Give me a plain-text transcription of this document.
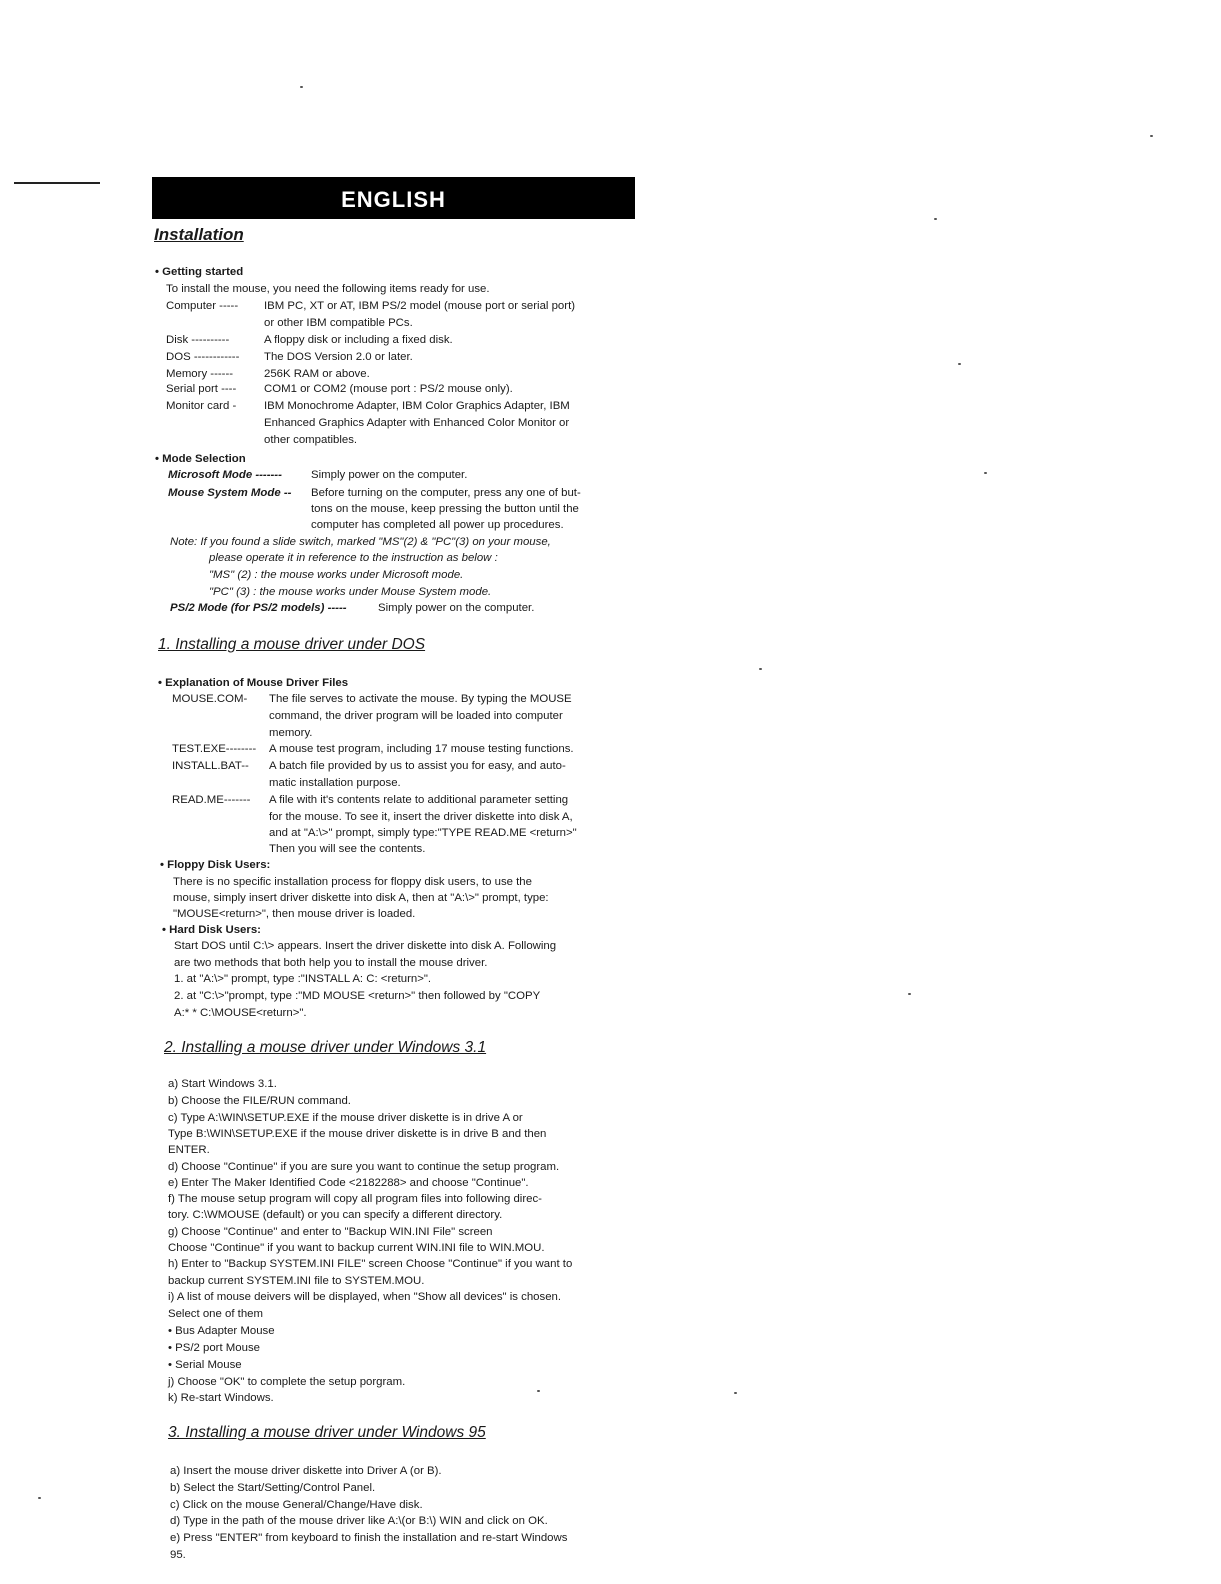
ENGLISH
Installation
• Getting started
To install the mouse, you need the following items ready for use.
Computer ----- IBM PC, XT or AT, IBM PS/2 model (mouse port or serial port)
or other IBM compatible PCs.
Disk ----------	A floppy disk or including a fixed disk.
DOS ------------ The DOS Version 2.0 or later.
Memory ------	256K RAM or above.
Serial port ---- COM1 or COM2 (mouse port : PS/2 mouse only).
Monitor card - IBM Monochrome Adapter, IBM Color Graphics Adapter, IBM
Enhanced Graphics Adapter with Enhanced Color Monitor or
other compatibles.
• Mode Selection
Microsoft Mode -------	Simply power on the computer.
Mouse System Mode -- Before turning on the computer, press any one of but-
tons on the mouse, keep pressing the button until the
computer has completed all power up procedures.
Note: If you found a slide switch, marked "MS"(2) & "PC"(3) on your mouse,
please operate it in reference to the instruction as below :
"MS" (2) : the mouse works under Microsoft mode.
"PC" (3) : the mouse works under Mouse System mode.
PS/2 Mode (for PS/2 models) -----	Simply power on the computer.
1. Installing a mouse driver under DOS
• Explanation of Mouse Driver Files
MOUSE.COM- The file serves to activate the mouse. By typing the MOUSE
command, the driver program will be loaded into computer
memory.
TEST.EXE-------- A mouse test program, including 17 mouse testing functions.
INSTALL.BAT-- A batch file provided by us to assist you for easy, and auto-
matic installation purpose.
READ.ME------- A file with it's contents relate to additional parameter setting
for the mouse. To see it, insert the driver diskette into disk A,
and at "A:\>" prompt, simply type:"TYPE READ.ME <return>"
Then you will see the contents.
• Floppy Disk Users:
There is no specific installation process for floppy disk users, to use the
mouse, simply insert driver diskette into disk A, then at "A:\>" prompt, type:
"MOUSE<return>", then mouse driver is loaded.
• Hard Disk Users:
Start DOS until C:\> appears. Insert the driver diskette into disk A. Following
are two methods that both help you to install the mouse driver.
1. at "A:\>" prompt, type :"INSTALL A: C: <return>".
2. at "C:\>"prompt, type :"MD MOUSE <return>" then followed by "COPY
A:* * C:\MOUSE<return>".
2. Installing a mouse driver under Windows 3.1
a) Start Windows 3.1.
b) Choose the FILE/RUN command.
c) Type A:\WIN\SETUP.EXE if the mouse driver diskette is in drive A or
Type B:\WIN\SETUP.EXE if the mouse driver diskette is in drive B and then
ENTER.
d) Choose "Continue" if you are sure you want to continue the setup program.
e) Enter The Maker Identified Code <2182288> and choose "Continue".
f) The mouse setup program will copy all program files into following direc-
tory. C:\WMOUSE (default) or you can specify a different directory.
g) Choose "Continue" and enter to "Backup WIN.INI File" screen
Choose "Continue" if you want to backup current WIN.INI file to WIN.MOU.
h) Enter to "Backup SYSTEM.INI FILE" screen Choose "Continue" if you want to
backup current SYSTEM.INI file to SYSTEM.MOU.
i) A list of mouse deivers will be displayed, when "Show all devices" is chosen.
Select one of them
• Bus Adapter Mouse
• PS/2 port Mouse
• Serial Mouse
j) Choose "OK" to complete the setup porgram.
k) Re-start Windows.
3. Installing a mouse driver under Windows 95
a) Insert the mouse driver diskette into Driver A (or B).
b) Select the Start/Setting/Control Panel.
c) Click on the mouse General/Change/Have disk.
d) Type in the path of the mouse driver like A:\(or B:\) WIN and click on OK.
e) Press "ENTER" from keyboard to finish the installation and re-start Windows
95.
